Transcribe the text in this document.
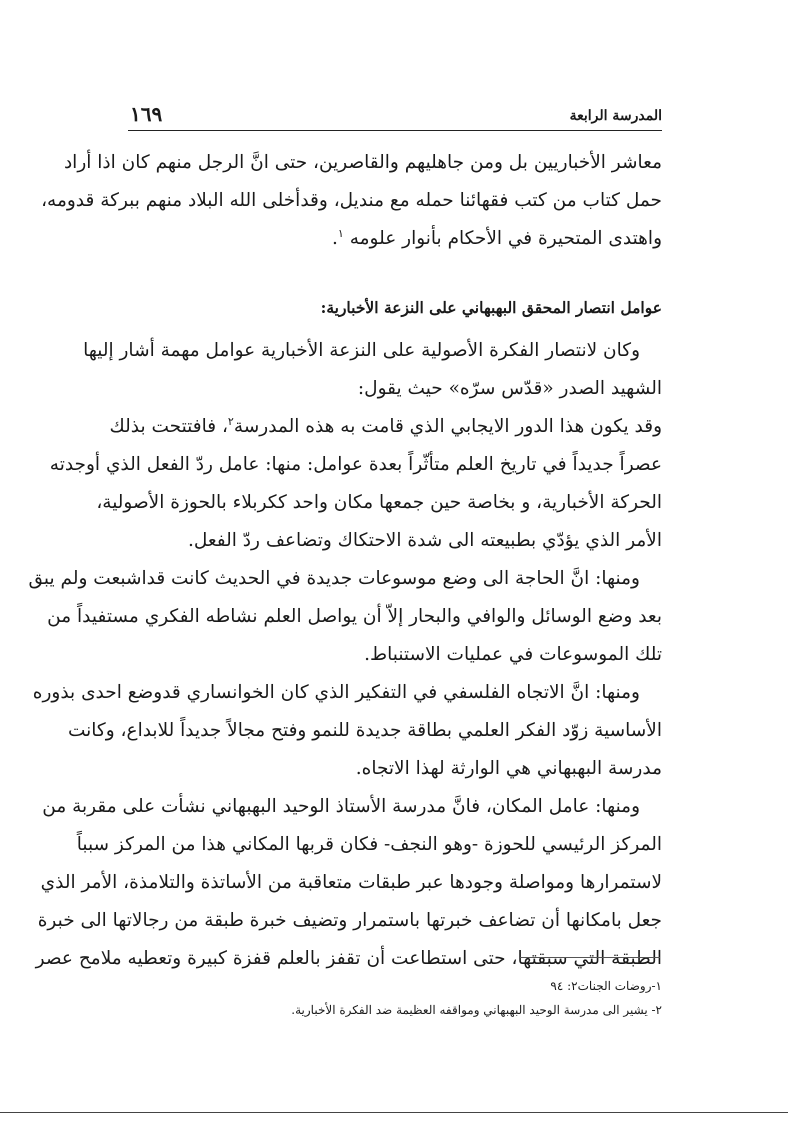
المدرسة الرابعة
١٦٩
معاشر الأخباريين بل ومن جاهليهم والقاصرين، حتى انَّ الرجل منهم كان اذا أراد
حمل كتاب من كتب فقهائنا حمله مع منديل، وقدأخلى الله البلاد منهم ببركة قدومه،
واهتدى المتحيرة في الأحكام بأنوار علومه $^١$.
عوامل انتصار المحقق البهبهاني على النزعة الأخبارية:
وكان لانتصار الفكرة الأصولية على النزعة الأخبارية عوامل مهمة أشار إليها
الشهيد الصدر «قدّس سرّه» حيث يقول:
وقد يكون هذا الدور الايجابي الذي قامت به هذه المدرسة$^٢$، فافتتحت بذلك
عصراً جديداً في تاريخ العلم متأثّراً بعدة عوامل: منها: عامل ردّ الفعل الذي أوجدته
الحركة الأخبارية، و بخاصة حين جمعها مكان واحد ككربلاء بالحوزة الأصولية،
الأمر الذي يؤدّي بطبيعته الى شدة الاحتكاك وتضاعف ردّ الفعل.
ومنها: انَّ الحاجة الى وضع موسوعات جديدة في الحديث كانت قداشبعت ولم يبق
بعد وضع الوسائل والوافي والبحار إلاّ أن يواصل العلم نشاطه الفكري مستفيداً من
تلك الموسوعات في عمليات الاستنباط.
ومنها: انَّ الاتجاه الفلسفي في التفكير الذي كان الخوانساري قدوضع احدى بذوره
الأساسية زوّد الفكر العلمي بطاقة جديدة للنمو وفتح مجالاً جديداً للابداع، وكانت
مدرسة البهبهاني هي الوارثة لهذا الاتجاه.
ومنها: عامل المكان، فانَّ مدرسة الأستاذ الوحيد البهبهاني نشأت على مقربة من
المركز الرئيسي للحوزة -وهو النجف- فكان قربها المكاني هذا من المركز سبباً
لاستمرارها ومواصلة وجودها عبر طبقات متعاقبة من الأساتذة والتلامذة، الأمر الذي
جعل بامكانها أن تضاعف خبرتها باستمرار وتضيف خبرة طبقة من رجالاتها الى خبرة
الطبقة التي سبقتها، حتى استطاعت أن تقفز بالعلم قفزة كبيرة وتعطيه ملامح عصر
١-روضات الجنات٢: ٩٤
٢- يشير الى مدرسة الوحيد البهبهاني ومواقفه العظيمة ضد الفكرة الأخبارية.
